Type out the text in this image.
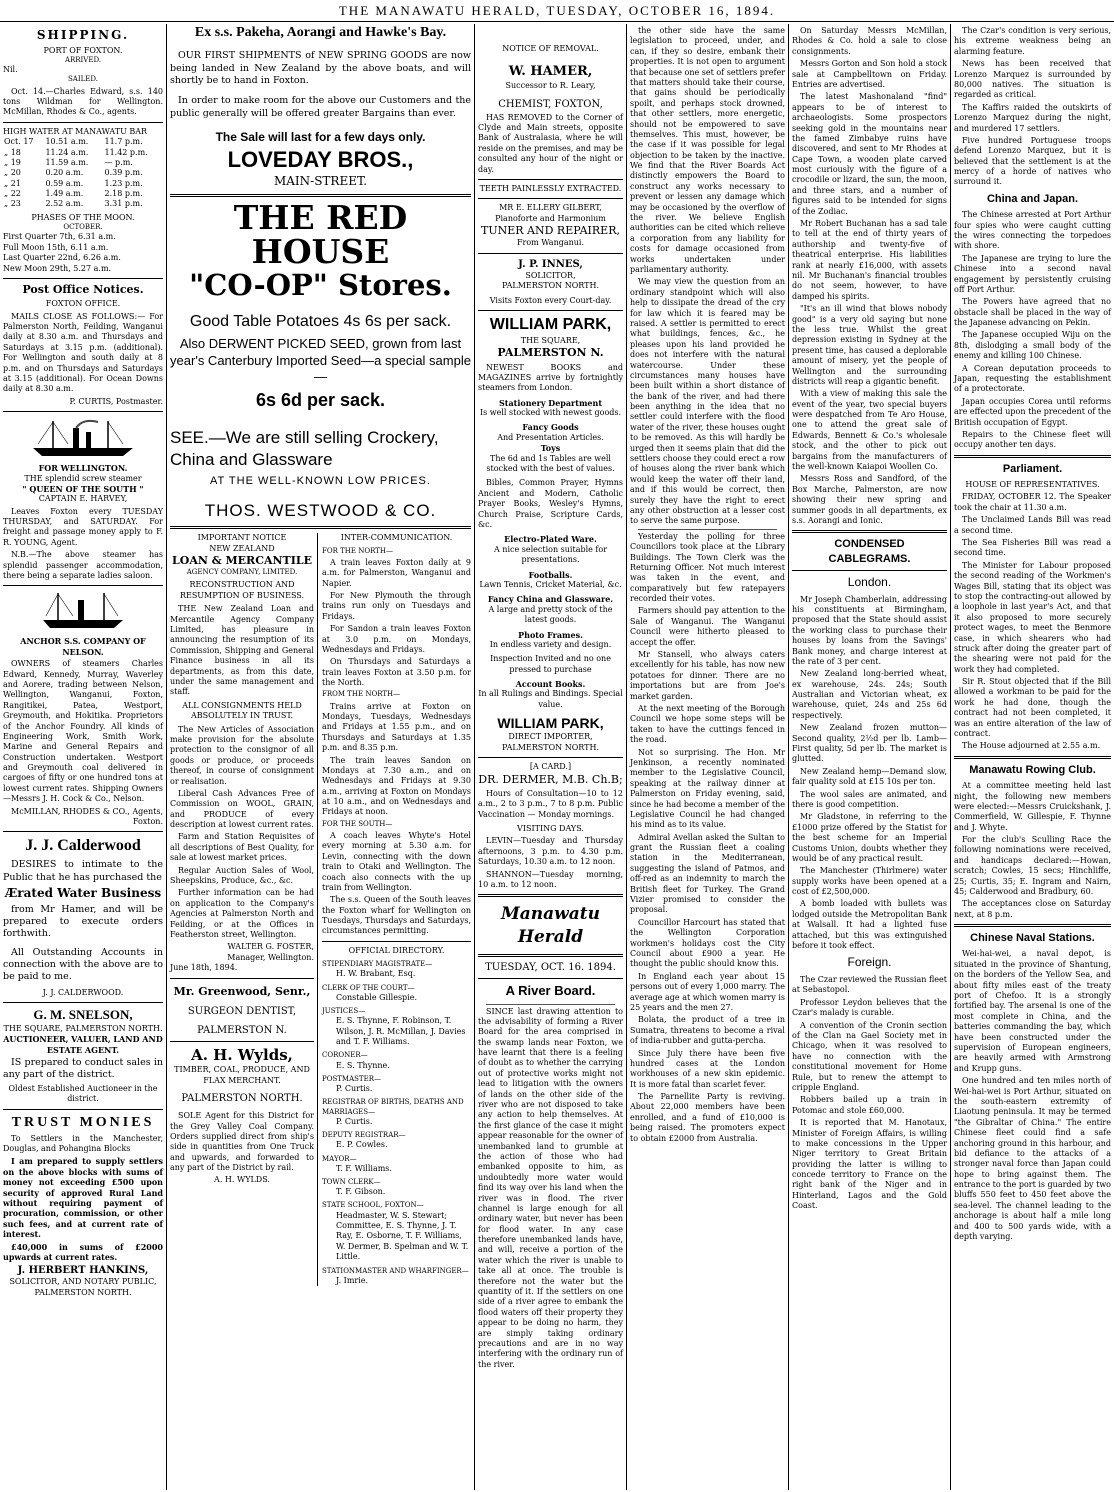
THE MANAWATU HERALD, TUESDAY, OCTOBER 16, 1894.
SHIPPING.
PORT OF FOXTON.
ARRIVED.
Nil.
SAILED.

Oct. 14.—Charles Edward, s.s. 140 tons Wildman for Wellington. McMillan, Rhodes & Co., agents.

HIGH WATER AT MANAWATU BAR
Oct. 17	10.51 a.m.	11.7 p.m.
„ 18	11.24 a.m.	11.42 p.m.
„ 19	11.59 a.m.	— p.m.
„ 20	0.20 a.m.	0.39 p.m.
„ 21	0.59 a.m.	1.23 p.m.
„ 22	1.49 a.m.	2.18 p.m.
„ 23	2.52 a.m.	3.31 p.m.
PHASES OF THE MOON.
OCTOBER.
First Quarter 7th, 6.31 a.m.
Full Moon 15th, 6.11 a.m.
Last Quarter 22nd, 6.26 a.m.
New Moon 29th, 5.27 a.m.
Post Office Notices.
FOXTON OFFICE.

MAILS CLOSE AS FOLLOWS:— For Palmerston North, Feilding, Wanganui daily at 8.30 a.m. and Thursdays and Saturdays at 3.15 p.m. (additional). For Wellington and south daily at 8 p.m. and on Thursdays and Saturdays at 3.15 (additional). For Ocean Downs daily at 8.30 a.m.

P. CURTIS, Postmaster.
FOR WELLINGTON.
THE splendid screw steamer
" QUEEN OF THE SOUTH "
CAPTAIN E. HARVEY,

Leaves Foxton every TUESDAY THURSDAY, and SATURDAY. For freight and passage money apply to F. R. YOUNG, Agent.

N.B.—The above steamer has splendid passenger accommodation, there being a separate ladies saloon.

ANCHOR S.S. COMPANY OF NELSON.

OWNERS of steamers Charles Edward, Kennedy, Murray, Waverley and Aorere, trading between Nelson, Wellington, Wanganui, Foxton, Rangitikei, Patea, Westport, Greymouth, and Hokitika. Proprietors of the Anchor Foundry. All kinds of Engineering Work, Smith Work, Marine and General Repairs and Construction undertaken. Westport and Greymouth coal delivered in cargoes of fifty or one hundred tons at lowest current rates. Shipping Owners—Messrs J. H. Cock & Co., Nelson.

McMILLAN, RHODES & CO., Agents, Foxton.
J. J. Calderwood

DESIRES to intimate to the Public that he has purchased the

Ærated Water Business

from Mr Hamer, and will be prepared to execute orders forthwith.

All Outstanding Accounts in connection with the above are to be paid to me.

J. J. CALDERWOOD.
G. M. SNELSON,
THE SQUARE, PALMERSTON NORTH.
AUCTIONEER, VALUER, LAND AND ESTATE AGENT.

IS prepared to conduct sales in any part of the district.

Oldest Established Auctioneer in the district.
TRUST MONIES

To Settlers in the Manchester, Douglas, and Pohangina Blocks

I am prepared to supply settlers on the above blocks with sums of money not exceeding £500 upon security of approved Rural Land without requiring payment of procuration, commission, or other such fees, and at current rate of interest.

£40,000 in sums of £2000 upwards at current rates.

J. HERBERT HANKINS,
SOLICITOR, AND NOTARY PUBLIC,
PALMERSTON NORTH.
Ex s.s. Pakeha, Aorangi and Hawke's Bay.

OUR FIRST SHIPMENTS of NEW SPRING GOODS are now being landed in New Zealand by the above boats, and will shortly be to hand in Foxton.

In order to make room for the above our Customers and the public generally will be offered greater Bargains than ever.

The Sale will last for a few days only.
LOVEDAY BROS.,
MAIN-STREET.
THE RED HOUSE
"CO-OP" Stores.
Good Table Potatoes 4s 6s per sack.
Also DERWENT PICKED SEED, grown from last year's Canterbury Imported Seed—a special sample—
6s 6d per sack.
SEE.—We are still selling Crockery, China and Glassware
AT THE WELL-KNOWN LOW PRICES.
THOS. WESTWOOD & CO.
IMPORTANT NOTICE
NEW ZEALAND
LOAN & MERCANTILE
AGENCY COMPANY, LIMITED.
RECONSTRUCTION AND RESUMPTION OF BUSINESS.

THE New Zealand Loan and Mercantile Agency Company Limited, has pleasure in announcing the resumption of its Commission, Shipping and General Finance business in all its departments, as from this date, under the same management and staff.

ALL CONSIGNMENTS HELD ABSOLUTELY IN TRUST.

The New Articles of Association make provision for the absolute protection to the consignor of all goods or produce, or proceeds thereof, in course of consignment or realisation.

Liberal Cash Advances Free of Commission on WOOL, GRAIN, and PRODUCE of every description at lowest current rates.

Farm and Station Requisites of all descriptions of Best Quality, for sale at lowest market prices.

Regular Auction Sales of Wool, Sheepskins, Produce, &c., &c.

Further information can be had on application to the Company's Agencies at Palmerston North and Feilding, or at the Offices in Featherston street, Wellington.

WALTER G. FOSTER,
Manager, Wellington.
June 18th, 1894.
Mr. Greenwood, Senr.,
SURGEON DENTIST,
PALMERSTON N.
A. H. Wylds,
TIMBER, COAL, PRODUCE, AND FLAX MERCHANT.
PALMERSTON NORTH.

SOLE Agent for this District for the Grey Valley Coal Company. Orders supplied direct from ship's side in quantities from One Truck and upwards, and forwarded to any part of the District by rail.

A. H. WYLDS.
INTER-COMMUNICATION.
FOR THE NORTH—

A train leaves Foxton daily at 9 a.m. for Palmerston, Wanganui and Napier.

For New Plymouth the through trains run only on Tuesdays and Fridays.

For Sandon a train leaves Foxton at 3.0 p.m. on Mondays, Wednesdays and Fridays.

On Thursdays and Saturdays a train leaves Foxton at 3.50 p.m. for the North.

FROM THE NORTH—

Trains arrive at Foxton on Mondays, Tuesdays, Wednesdays and Fridays at 1.55 p.m., and on Thursdays and Saturdays at 1.35 p.m. and 8.35 p.m.

The train leaves Sandon on Mondays at 7.30 a.m., and on Wednesdays and Fridays at 9.30 a.m., arriving at Foxton on Mondays at 10 a.m., and on Wednesdays and Fridays at noon.

FOR THE SOUTH—

A coach leaves Whyte's Hotel every morning at 5.30 a.m. for Levin, connecting with the down train to Otaki and Wellington. The coach also connects with the up train from Wellington.

The s.s. Queen of the South leaves the Foxton wharf for Wellington on Tuesdays, Thursdays and Saturdays, circumstances permitting.

OFFICIAL DIRECTORY.
STIPENDIARY MAGISTRATE—
H. W. Brabant, Esq.
CLERK OF THE COURT—
Constable Gillespie.
JUSTICES—
E. S. Thynne, F. Robinson, T. Wilson, J. R. McMillan, J. Davies and T. F. Williams.
CORONER—
E. S. Thynne.
POSTMASTER—
P. Curtis.
REGISTRAR OF BIRTHS, DEATHS AND MARRIAGES—
P. Curtis.
DEPUTY REGISTRAR—
E. P. Cowles.
MAYOR—
T. F. Williams.
TOWN CLERK—
T. F. Gibson.
STATE SCHOOL, FOXTON—
Headmaster, W. S. Stewart; Committee, E. S. Thynne, J. T. Ray, E. Osborne, T. F. Williams, W. Dermer, B. Spelman and W. T. Little.
STATIONMASTER AND WHARFINGER—
J. Imrie.
NOTICE OF REMOVAL.
W. HAMER,
Successor to R. Leary,
CHEMIST, FOXTON,

HAS REMOVED to the Corner of Clyde and Main streets, opposite Bank of Australasia, where he will reside on the premises, and may be consulted any hour of the night or day.

TEETH PAINLESSLY EXTRACTED.
MR E. ELLERY GILBERT, Pianoforte and Harmonium
TUNER AND REPAIRER,
From Wanganui.
J. P. INNES,
SOLICITOR,
PALMERSTON NORTH.
Visits Foxton every Court-day.
WILLIAM PARK,
THE SQUARE,
PALMERSTON N.

NEWEST BOOKS and MAGAZINES arrive by fortnightly steamers from London.

Stationery Department
Is well stocked with newest goods.
Fancy Goods
And Presentation Articles.
Toys
The 6d and 1s Tables are well stocked with the best of values.

Bibles, Common Prayer, Hymns Ancient and Modern, Catholic Prayer Books, Wesley's Hymns, Church Praise, Scripture Cards, &c.

Electro-Plated Ware.
A nice selection suitable for presentations.
Footballs.
Lawn Tennis, Cricket Material, &c.
Fancy China and Glassware.
A large and pretty stock of the latest goods.
Photo Frames.
In endless variety and design.
Inspection Invited and no one pressed to purchase
Account Books.
In all Rulings and Bindings. Special value.
WILLIAM PARK,
DIRECT IMPORTER,
PALMERSTON NORTH.
[A CARD.]
DR. DERMER, M.B. Ch.B;

Hours of Consultation—10 to 12 a.m., 2 to 3 p.m., 7 to 8 p.m. Public Vaccination — Monday mornings.

VISITING DAYS.

LEVIN—Tuesday and Thursday afternoons, 3 p.m. to 4.30 p.m. Saturdays, 10.30 a.m. to 12 noon.

SHANNON—Tuesday morning, 10 a.m. to 12 noon.

Manawatu Herald
TUESDAY, OCT. 16. 1894.
A River Board.

SINCE last drawing attention to the advisability of forming a River Board for the area comprised in the swamp lands near Foxton, we have learnt that there is a feeling of doubt as to whether the carrying out of protective works might not lead to litigation with the owners of lands on the other side of the river who are not disposed to take any action to help themselves. At the first glance of the case it might appear reasonable for the owner of unembanked land to grumble at the action of those who had embanked opposite to him, as undoubtedly more water would find its way over his land when the river was in flood. The river channel is large enough for all ordinary water, but never has been for flood water. In any case therefore unembanked lands have, and will, receive a portion of the water which the river is unable to take all at once. The trouble is therefore not the water but the quantity of it. If the settlers on one side of a river agree to embank the flood waters off their property they appear to be doing no harm, they are simply taking ordinary precautions and are in no way interfering with the ordinary run of the river.

the other side have the same legislation to proceed, under, and can, if they so desire, embank their properties. It is not open to argument that because one set of settlers prefer that matters should take their course, that gains should be periodically spoilt, and perhaps stock drowned, that other settlers, more energetic, should not be empowered to save themselves. This must, however, be the case if it was possible for legal objection to be taken by the inactive. We find that the River Boards Act distinctly empowers the Board to construct any works necessary to prevent or lessen any damage which may be occasioned by the overflow of the river. We believe English authorities can be cited which relieve a corporation from any liability for costs for damage occasioned from works undertaken under parliamentary authority.

We may view the question from an ordinary standpoint which will also help to dissipate the dread of the cry for law which it is feared may be raised. A settler is permitted to erect what buildings, fences, &c., he pleases upon his land provided he does not interfere with the natural watercourse. Under these circumstances many houses have been built within a short distance of the bank of the river, and had there been anything in the idea that no settler could interfere with the flood water of the river, these houses ought to be removed. As this will hardly be urged then it seems plain that did the settlers choose they could erect a row of houses along the river bank which would keep the water off their land, and if this would be correct, then surely they have the right to erect any other obstruction at a lesser cost to serve the same purpose.

Yesterday the polling for three Councillors took place at the Library Buildings. The Town Clerk was the Returning Officer. Not much interest was taken in the event, and comparatively but few ratepayers recorded their votes.

Farmers should pay attention to the Sale of Wanganui. The Wanganui Council were hitherto pleased to accept the offer.

Mr Stansell, who always caters excellently for his table, has now new potatoes for dinner. There are no importations but are from Joe's market garden.

At the next meeting of the Borough Council we hope some steps will be taken to have the cuttings fenced in the road.

Not so surprising. The Hon. Mr Jenkinson, a recently nominated member to the Legislative Council, speaking at the railway dinner at Palmerston on Friday evening, said, since he had become a member of the Legislative Council he had changed his mind as to its value.

Admiral Avellan asked the Sultan to grant the Russian fleet a coaling station in the Mediterranean, suggesting the island of Patmos, and off-red as an indemnity to march the British fleet for Turkey. The Grand Vizier promised to consider the proposal.

Councillor Harcourt has stated that the Wellington Corporation workmen's holidays cost the City Council about £900 a year. He thought the public should know this.

In England each year about 15 persons out of every 1,000 marry. The average age at which women marry is 25 years and the men 27.

Bolata, the product of a tree in Sumatra, threatens to become a rival of india-rubber and gutta-percha.

Since July there have been five hundred cases at the London workhouses of a new skin epidemic. It is more fatal than scarlet fever.

The Parnellite Party is reviving. About 22,000 members have been enrolled, and a fund of £10,000 is being raised. The promoters expect to obtain £2000 from Australia.

On Saturday Messrs McMillan, Rhodes & Co. hold a sale to close consignments.

Messrs Gorton and Son hold a stock sale at Campbelltown on Friday. Entries are advertised.

The latest Mashonaland "find" appears to be of interest to archaeologists. Some prospectors seeking gold in the mountains near the famed Zimbabye ruins have discovered, and sent to Mr Rhodes at Cape Town, a wooden plate carved most curiously with the figure of a crocodile or lizard, the sun, the moon, and three stars, and a number of figures said to be intended for signs of the Zodiac.

Mr Robert Buchanan has a sad tale to tell at the end of thirty years of authorship and twenty-five of theatrical enterprise. His liabilities rank at nearly £16,000, with assets nil. Mr Buchanan's financial troubles do not seem, however, to have damped his spirits.

"It's an ill wind that blows nobody good" is a very old saying but none the less true. Whilst the great depression existing in Sydney at the present time, has caused a deplorable amount of misery, yet the people of Wellington and the surrounding districts will reap a gigantic benefit.

With a view of making this sale the event of the year, two special buyers were despatched from Te Aro House, one to attend the great sale of Edwards, Bennett & Co.'s wholesale stock, and the other to pick out bargains from the manufacturers of the well-known Kaiapoi Woollen Co.

Messrs Ross and Sandford, of the Box Marche, Palmerston, are now showing their new spring and summer goods in all departments, ex s.s. Aorangi and Ionic.

CONDENSED CABLEGRAMS.
London.

Mr Joseph Chamberlain, addressing his constituents at Birmingham, proposed that the State should assist the working class to purchase their houses by loans from the Savings' Bank money, and charge interest at the rate of 3 per cent.

New Zealand long-berried wheat, ex warehouse, 24s. 24s; South Australian and Victorian wheat, ex warehouse, quiet, 24s and 25s 6d respectively.

New Zealand frozen mutton—Second quality, 2½d per lb. Lamb—First quality, 5d per lb. The market is glutted.

New Zealand hemp—Demand slow, fair quality sold at £15 10s per ton.

The wool sales are animated, and there is good competition.

Mr Gladstone, in referring to the £1000 prize offered by the Statist for the best scheme for an Imperial Customs Union, doubts whether they would be of any practical result.

The Manchester (Thirlmere) water supply works have been opened at a cost of £2,500,000.

A bomb loaded with bullets was lodged outside the Metropolitan Bank at Walsall. It had a lighted fuse attached, but this was extinguished before it took effect.

Foreign.

The Czar reviewed the Russian fleet at Sebastopol.

Professor Leydon believes that the Czar's malady is curable.

A convention of the Cronin section of the Clan na Gael Society met in Chicago, when it was resolved to have no connection with the constitutional movement for Home Rule, but to renew the attempt to cripple England.

Robbers bailed up a train in Potomac and stole £60,000.

It is reported that M. Hanotaux, Minister of Foreign Affairs, is willing to make concessions in the Upper Niger territory to Great Britain providing the latter is willing to concede territory to France on the right bank of the Niger and in Hinterland, Lagos and the Gold Coast.

The Czar's condition is very serious, his extreme weakness being an alarming feature.

News has been received that Lorenzo Marquez is surrounded by 80,000 natives. The situation is regarded as critical.

The Kaffirs raided the outskirts of Lorenzo Marquez during the night, and murdered 17 settlers.

Five hundred Portuguese troops defend Lorenzo Marquez, but it is believed that the settlement is at the mercy of a horde of natives who surround it.

China and Japan.

The Chinese arrested at Port Arthur four spies who were caught cutting the wires connecting the torpedoes with shore.

The Japanese are trying to lure the Chinese into a second naval engagement by persistently cruising off Port Arthur.

The Powers have agreed that no obstacle shall be placed in the way of the Japanese advancing on Pekin.

The Japanese occupied Wiju on the 8th, dislodging a small body of the enemy and killing 100 Chinese.

A Corean deputation proceeds to Japan, requesting the establishment of a protectorate.

Japan occupies Corea until reforms are effected upon the precedent of the British occupation of Egypt.

Repairs to the Chinese fleet will occupy another ten days.

Parliament.
HOUSE OF REPRESENTATIVES.

FRIDAY, OCTOBER 12. The Speaker took the chair at 11.30 a.m.

The Unclaimed Lands Bill was read a second time.

The Sea Fisheries Bill was read a second time.

The Minister for Labour proposed the second reading of the Workmen's Wages Bill, stating that its object was to stop the contracting-out allowed by a loophole in last year's Act, and that it also proposed to more securely protect wages, to meet the Benmore case, in which shearers who had struck after doing the greater part of the shearing were not paid for the work they had completed.

Sir R. Stout objected that if the Bill allowed a workman to be paid for the work he had done, though the contract had not been completed, it was an entire alteration of the law of contract.

The House adjourned at 2.55 a.m.

Manawatu Rowing Club.

At a committee meeting held last night, the following new members were elected:—Messrs Cruickshank, J. Commerfield, W. Gillespie, F. Thynne and J. Whyte.

For the club's Sculling Race the following nominations were received, and handicaps declared:—Howan, scratch; Cowles, 15 secs; Hinchliffe, 25; Curtis, 35; E. Ingram and Nairn, 45; Calderwood and Bradbury, 60.

The acceptances close on Saturday next, at 8 p.m.

Chinese Naval Stations.

Wei-hai-wei, a naval depot, is situated in the province of Shantung, on the borders of the Yellow Sea, and about fifty miles east of the treaty port of Chefoo. It is a strongly fortified bay. The arsenal is one of the most complete in China, and the batteries commanding the bay, which have been constructed under the supervision of European engineers, are heavily armed with Armstrong and Krupp guns.

One hundred and ten miles north of Wei-hai-wei is Port Arthur, situated on the south-eastern extremity of Liaotung peninsula. It may be termed "the Gibraltar of China." The entire Chinese fleet could find a safe anchoring ground in this harbour, and bid defiance to the attacks of a stronger naval force than Japan could hope to bring against them. The entrance to the port is guarded by two bluffs 550 feet to 450 feet above the sea-level. The channel leading to the anchorage is about half a mile long and 400 to 500 yards wide, with a depth varying.
